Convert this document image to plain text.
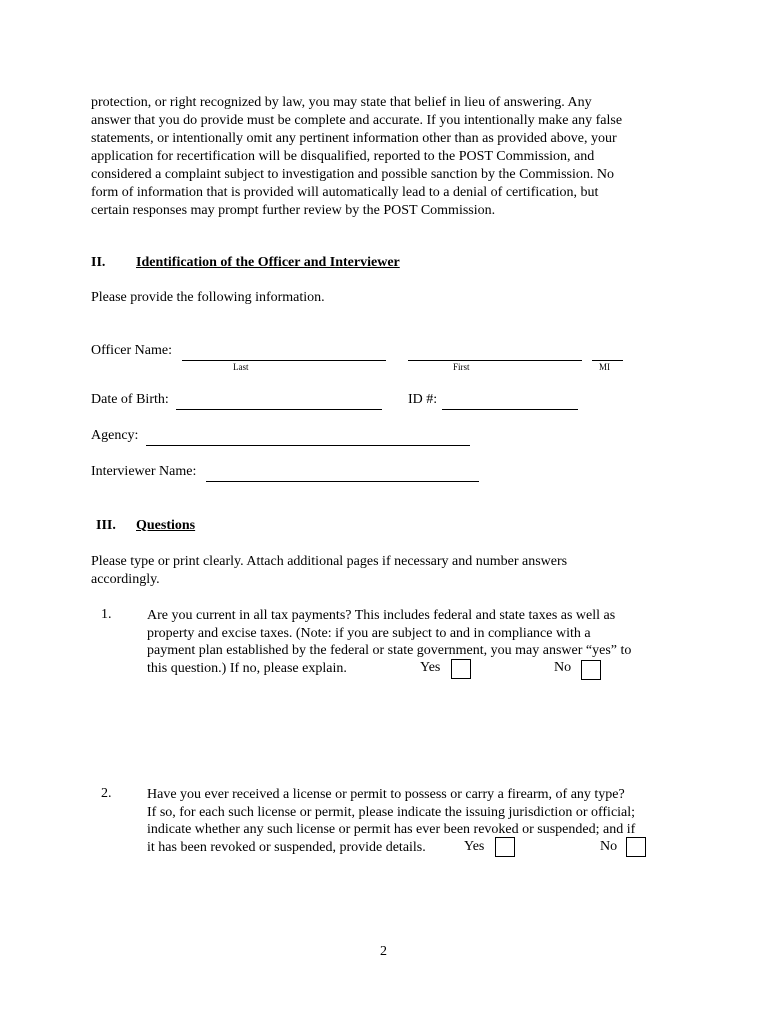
protection, or right recognized by law, you may state that belief in lieu of answering. Any
answer that you do provide must be complete and accurate. If you intentionally make any false
statements, or intentionally omit any pertinent information other than as provided above, your
application for recertification will be disqualified, reported to the POST Commission, and
considered a complaint subject to investigation and possible sanction by the Commission. No
form of information that is provided will automatically lead to a denial of certification, but
certain responses may prompt further review by the POST Commission.
II. Identification of the Officer and Interviewer
Please provide the following information.
Officer Name:
Last	First	MI
Date of Birth:	ID #:
Agency:
Interviewer Name:
III. Questions
Please type or print clearly. Attach additional pages if necessary and number answers
accordingly.
1.	Are you current in all tax payments? This includes federal and state taxes as well as
property and excise taxes. (Note: if you are subject to and in compliance with a
payment plan established by the federal or state government, you may answer “yes” to
this question.) If no, please explain.	Yes	No
2.	Have you ever received a license or permit to possess or carry a firearm, of any type?
If so, for each such license or permit, please indicate the issuing jurisdiction or official;
indicate whether any such license or permit has ever been revoked or suspended; and if
it has been revoked or suspended, provide details.	Yes	No
2
